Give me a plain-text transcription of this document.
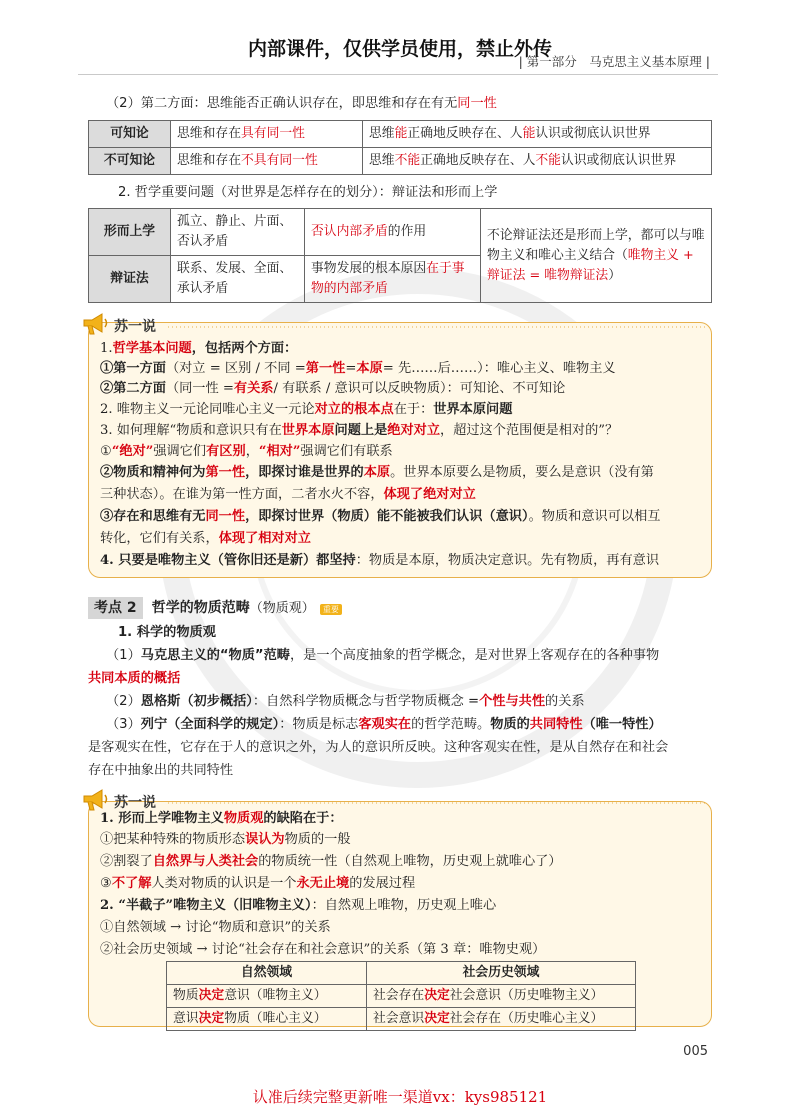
内部课件，仅供学员使用，禁止外传
| 第一部分　马克思主义基本原理 |
（2）第二方面：思维能否正确认识存在，即思维和存在有无同一性
可知论	思维和存在具有同一性	思维能正确地反映存在、人能认识或彻底认识世界
不可知论	思维和存在不具有同一性	思维不能正确地反映存在、人不能认识或彻底认识世界
2. 哲学重要问题（对世界是怎样存在的划分）：辩证法和形而上学
形而上学	孤立、静止、片面、否认矛盾	否认内部矛盾的作用	不论辩证法还是形而上学，都可以与唯物主义和唯心主义结合（唯物主义 + 辩证法 = 唯物辩证法）
辩证法	联系、发展、全面、承认矛盾	事物发展的根本原因在于事物的内部矛盾	
苏一说
1.哲学基本问题，包括两个方面：
①第一方面（对立 = 区别 / 不同 =第一性=本原= 先……后……）：唯心主义、唯物主义
②第二方面（同一性 =有关系/ 有联系 / 意识可以反映物质）：可知论、不可知论
2. 唯物主义一元论同唯心主义一元论对立的根本点在于：世界本原问题
3. 如何理解“物质和意识只有在世界本原问题上是绝对对立，超过这个范围便是相对的”？
①“绝对”强调它们有区别，“相对”强调它们有联系
②物质和精神何为第一性，即探讨谁是世界的本原。世界本原要么是物质，要么是意识（没有第
三种状态）。在谁为第一性方面，二者水火不容，体现了绝对对立
③存在和思维有无同一性，即探讨世界（物质）能不能被我们认识（意识）。物质和意识可以相互
转化，它们有关系，体现了相对对立
4. 只要是唯物主义（管你旧还是新）都坚持：物质是本原，物质决定意识。先有物质，再有意识
考点 2 哲学的物质范畴（物质观） 重要
1. 科学的物质观
（1）马克思主义的“物质”范畴，是一个高度抽象的哲学概念，是对世界上客观存在的各种事物
共同本质的概括
（2）恩格斯（初步概括）：自然科学物质概念与哲学物质概念 =个性与共性的关系
（3）列宁（全面科学的规定）：物质是标志客观实在的哲学范畴。物质的共同特性（唯一特性）
是客观实在性，它存在于人的意识之外，为人的意识所反映。这种客观实在性，是从自然存在和社会
存在中抽象出的共同特性
苏一说
1. 形而上学唯物主义物质观的缺陷在于：
①把某种特殊的物质形态误认为物质的一般
②割裂了自然界与人类社会的物质统一性（自然观上唯物，历史观上就唯心了）
③不了解人类对物质的认识是一个永无止境的发展过程
2. “半截子”唯物主义（旧唯物主义）：自然观上唯物，历史观上唯心
①自然领域 → 讨论“物质和意识”的关系
②社会历史领域 → 讨论“社会存在和社会意识”的关系（第 3 章：唯物史观）
自然领域	社会历史领域
物质决定意识（唯物主义）	社会存在决定社会意识（历史唯物主义）
意识决定物质（唯心主义）	社会意识决定社会存在（历史唯心主义）
005
认准后续完整更新唯一渠道vx：kys985121
